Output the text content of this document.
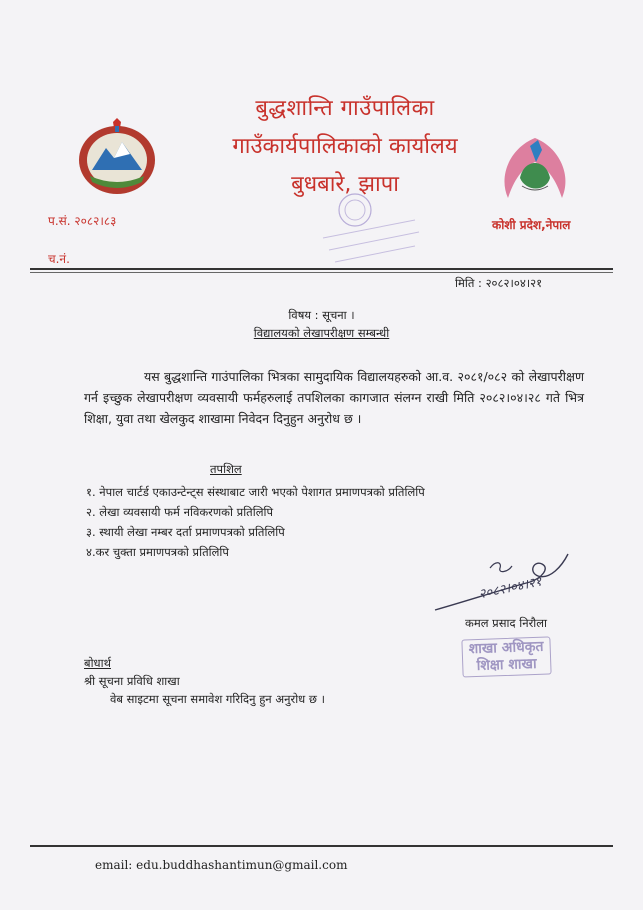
बुद्धशान्ति गाउँपालिका
गाउँकार्यपालिकाको कार्यालय
बुधबारे, झापा
कोशी प्रदेश,नेपाल
प.सं. २०८२।८३
च.नं.
मिति : २०८२।०४।२१
विषय : सूचना ।
विद्यालयको लेखापरीक्षण सम्बन्धी
यस बुद्धशान्ति गाउंपालिका भित्रका सामुदायिक विद्यालयहरुको आ.व. २०८१/०८२ को लेखापरीक्षण गर्न इच्छुक लेखापरीक्षण व्यवसायी फर्महरुलाई तपशिलका कागजात संलग्न राखी मिति २०८२।०४।२८ गते भित्र शिक्षा, युवा तथा खेलकुद शाखामा निवेदन दिनुहुन अनुरोध छ ।
तपशिल
१. नेपाल चार्टर्ड एकाउन्टेन्ट्स संस्थाबाट जारी भएको पेशागत प्रमाणपत्रको प्रतिलिपि
२. लेखा व्यवसायी फर्म नविकरणको प्रतिलिपि
३. स्थायी लेखा नम्बर दर्ता प्रमाणपत्रको प्रतिलिपि
४.कर चुक्ता प्रमाणपत्रको प्रतिलिपि
२०८२।०४।२१
कमल प्रसाद निरौला
शाखा अधिकृत
शिक्षा शाखा
बोधार्थ
श्री सूचना प्रविधि शाखा
वेब साइटमा सूचना समावेश गरिदिनु हुन अनुरोध छ ।
email: edu.buddhashantimun@gmail.com
